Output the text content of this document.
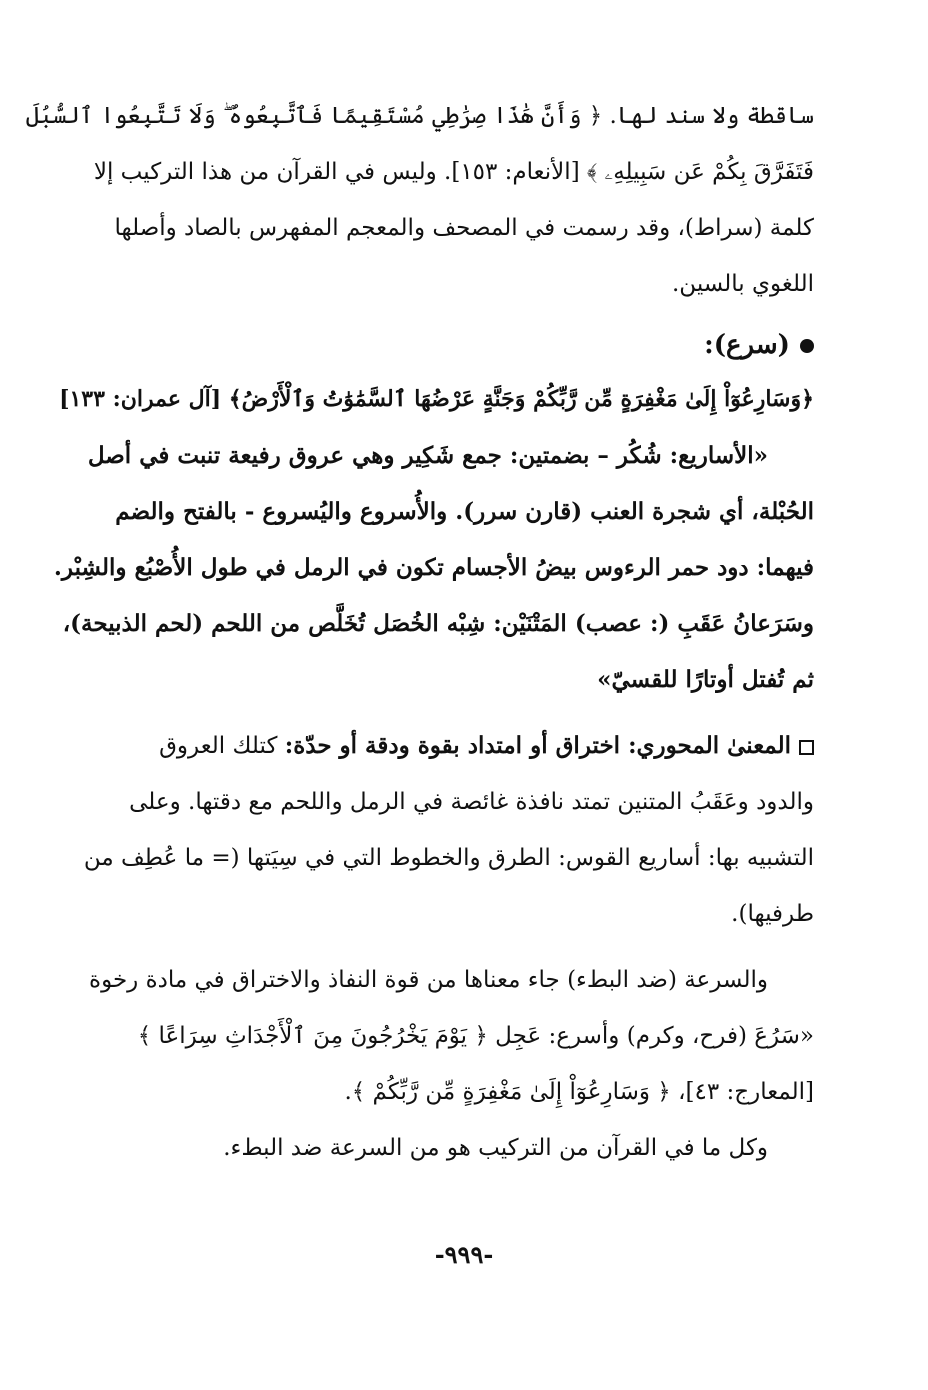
ساقطة ولا سند لها. ﴿ وَأَنَّ هَٰذَا صِرَٰطِي مُسْتَقِيمًا فَٱتَّبِعُوهُ ۖ وَلَا تَتَّبِعُوا ٱلسُّبُلَ
فَتَفَرَّقَ بِكُمْ عَن سَبِيلِهِۦ ﴾ [الأنعام: ١٥٣]. وليس في القرآن من هذا التركيب إلا
كلمة (سراط)، وقد رسمت في المصحف والمعجم المفهرس بالصاد وأصلها
اللغوي بالسين.
(سرع):
﴿وَسَارِعُوٓاْ إِلَىٰ مَغْفِرَةٍ مِّن رَّبِّكُمْ وَجَنَّةٍ عَرْضُهَا ٱلسَّمَٰوَٰتُ وَٱلْأَرْضُ﴾ [آل عمران: ١٣٣]
«الأساريع: شُكُر – بضمتين: جمع شَكِير وهي عروق رفيعة تنبت في أصل
الحُبْلة، أي شجرة العنب (قارن سرر). والأُسروع واليُسروع - بالفتح والضم
فيهما: دود حمر الرءوس بيضُ الأجسام تكون في الرمل في طول الأُصْبُع والشِبْر.
وسَرَعانُ عَقَبِ (: عصب) المَتْنَيْن: شِبْه الخُصَل تُخَلَّص من اللحم (لحم الذبيحة)،
ثم تُفتل أوتارًا للقسيّ»
المعنىٰ المحوري: اختراق أو امتداد بقوة ودقة أو حدّة: كتلك العروق
والدود وعَقَبُ المتنين تمتد نافذة غائصة في الرمل واللحم مع دقتها. وعلى
التشبيه بها: أساريع القوس: الطرق والخطوط التي في سِيَتها (= ما عُطِف من
طرفيها).
والسرعة (ضد البطء) جاء معناها من قوة النفاذ والاختراق في مادة رخوة
«سَرُعَ (فرح، وكرم) وأسرع: عَجِل ﴿ يَوْمَ يَخْرُجُونَ مِنَ ٱلْأَجْدَاثِ سِرَاعًا ﴾
[المعارج: ٤٣]، ﴿ وَسَارِعُوٓاْ إِلَىٰ مَغْفِرَةٍ مِّن رَّبِّكُمْ ﴾.
وكل ما في القرآن من التركيب هو من السرعة ضد البطء.
-٩٩٩-
